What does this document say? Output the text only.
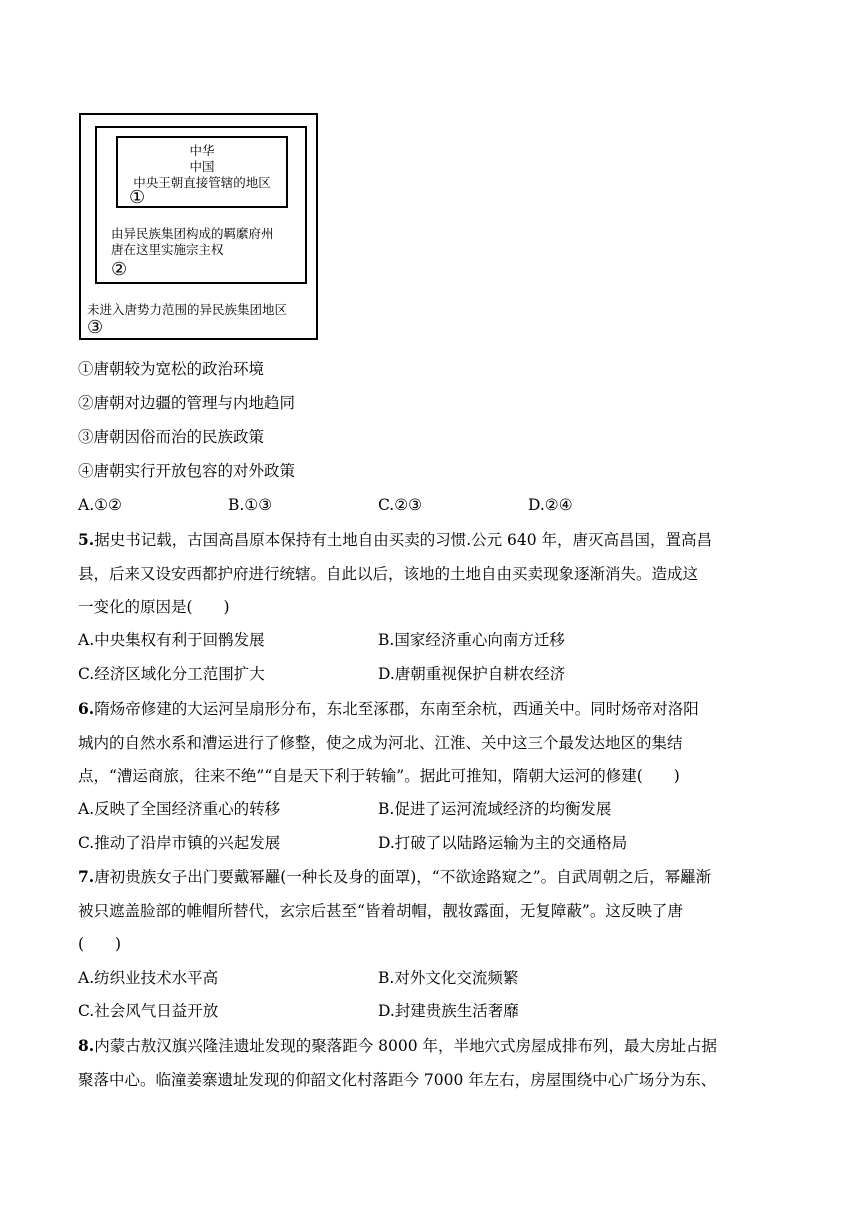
中华
中国
中央王朝直接管辖的地区
①
由异民族集团构成的羁縻府州
唐在这里实施宗主权
②
未进入唐势力范围的异民族集团地区
③
①唐朝较为宽松的政治环境
②唐朝对边疆的管理与内地趋同
③唐朝因俗而治的民族政策
④唐朝实行开放包容的对外政策
A.①②	B.①③	C.②③	D.②④
5.据史书记载，古国高昌原本保持有土地自由买卖的习惯.公元 640 年，唐灭高昌国，置高昌
县，后来又设安西都护府进行统辖。自此以后，该地的土地自由买卖现象逐渐消失。造成这
一变化的原因是(　　)
A.中央集权有利于回鹘发展	B.国家经济重心向南方迁移
C.经济区域化分工范围扩大	D.唐朝重视保护自耕农经济
6.隋炀帝修建的大运河呈扇形分布，东北至涿郡，东南至余杭，西通关中。同时炀帝对洛阳
城内的自然水系和漕运进行了修整，使之成为河北、江淮、关中这三个最发达地区的集结
点，“漕运商旅，往来不绝”“自是天下利于转输”。据此可推知，隋朝大运河的修建(　　)
A.反映了全国经济重心的转移	B.促进了运河流域经济的均衡发展
C.推动了沿岸市镇的兴起发展	D.打破了以陆路运输为主的交通格局
7.唐初贵族女子出门要戴幂䍦(一种长及身的面罩)，“不欲途路窥之”。自武周朝之后，幂䍦渐
被只遮盖脸部的帷帽所替代，玄宗后甚至“皆着胡帽，靓妆露面，无复障蔽”。这反映了唐
(　　)
A.纺织业技术水平高	B.对外文化交流频繁
C.社会风气日益开放	D.封建贵族生活奢靡
8.内蒙古敖汉旗兴隆洼遗址发现的聚落距今 8000 年，半地穴式房屋成排布列，最大房址占据
聚落中心。临潼姜寨遗址发现的仰韶文化村落距今 7000 年左右，房屋围绕中心广场分为东、
